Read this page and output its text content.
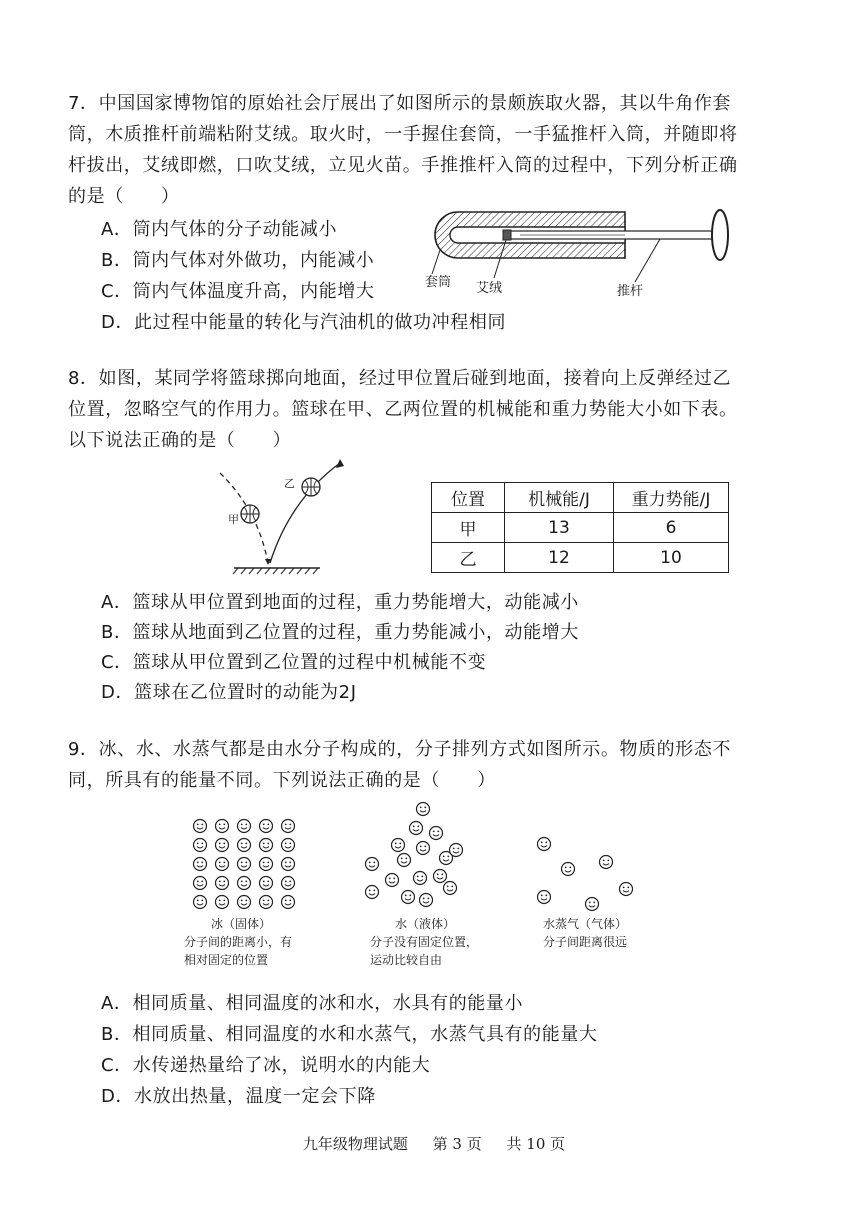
7．中国国家博物馆的原始社会厅展出了如图所示的景颇族取火器，其以牛角作套
筒，木质推杆前端粘附艾绒。取火时，一手握住套筒，一手猛推杆入筒，并随即将
杆拔出，艾绒即燃，口吹艾绒，立见火苗。手推推杆入筒的过程中，下列分析正确
的是（　　）
A．筒内气体的分子动能减小
B．筒内气体对外做功，内能减小
C．筒内气体温度升高，内能增大
D．此过程中能量的转化与汽油机的做功冲程相同
套筒 艾绒	推杆
8．如图，某同学将篮球掷向地面，经过甲位置后碰到地面，接着向上反弹经过乙
位置，忽略空气的作用力。篮球在甲、乙两位置的机械能和重力势能大小如下表。
以下说法正确的是（　　）
甲
乙
位置	机械能/J	重力势能/J
甲	13	6
乙	12	10
A．篮球从甲位置到地面的过程，重力势能增大，动能减小
B．篮球从地面到乙位置的过程，重力势能减小，动能增大
C．篮球从甲位置到乙位置的过程中机械能不变
D．篮球在乙位置时的动能为2J
9．冰、水、水蒸气都是由水分子构成的，分子排列方式如图所示。物质的形态不
同，所具有的能量不同。下列说法正确的是（　　）
冰（固体）
分子间的距离小，有
相对固定的位置
水（液体）
分子没有固定位置，
运动比较自由
水蒸气（气体）
分子间距离很远
A．相同质量、相同温度的冰和水，水具有的能量小
B．相同质量、相同温度的水和水蒸气，水蒸气具有的能量大
C．水传递热量给了冰，说明水的内能大
D．水放出热量，温度一定会下降
九年级物理试题 第 3 页 共 10 页
